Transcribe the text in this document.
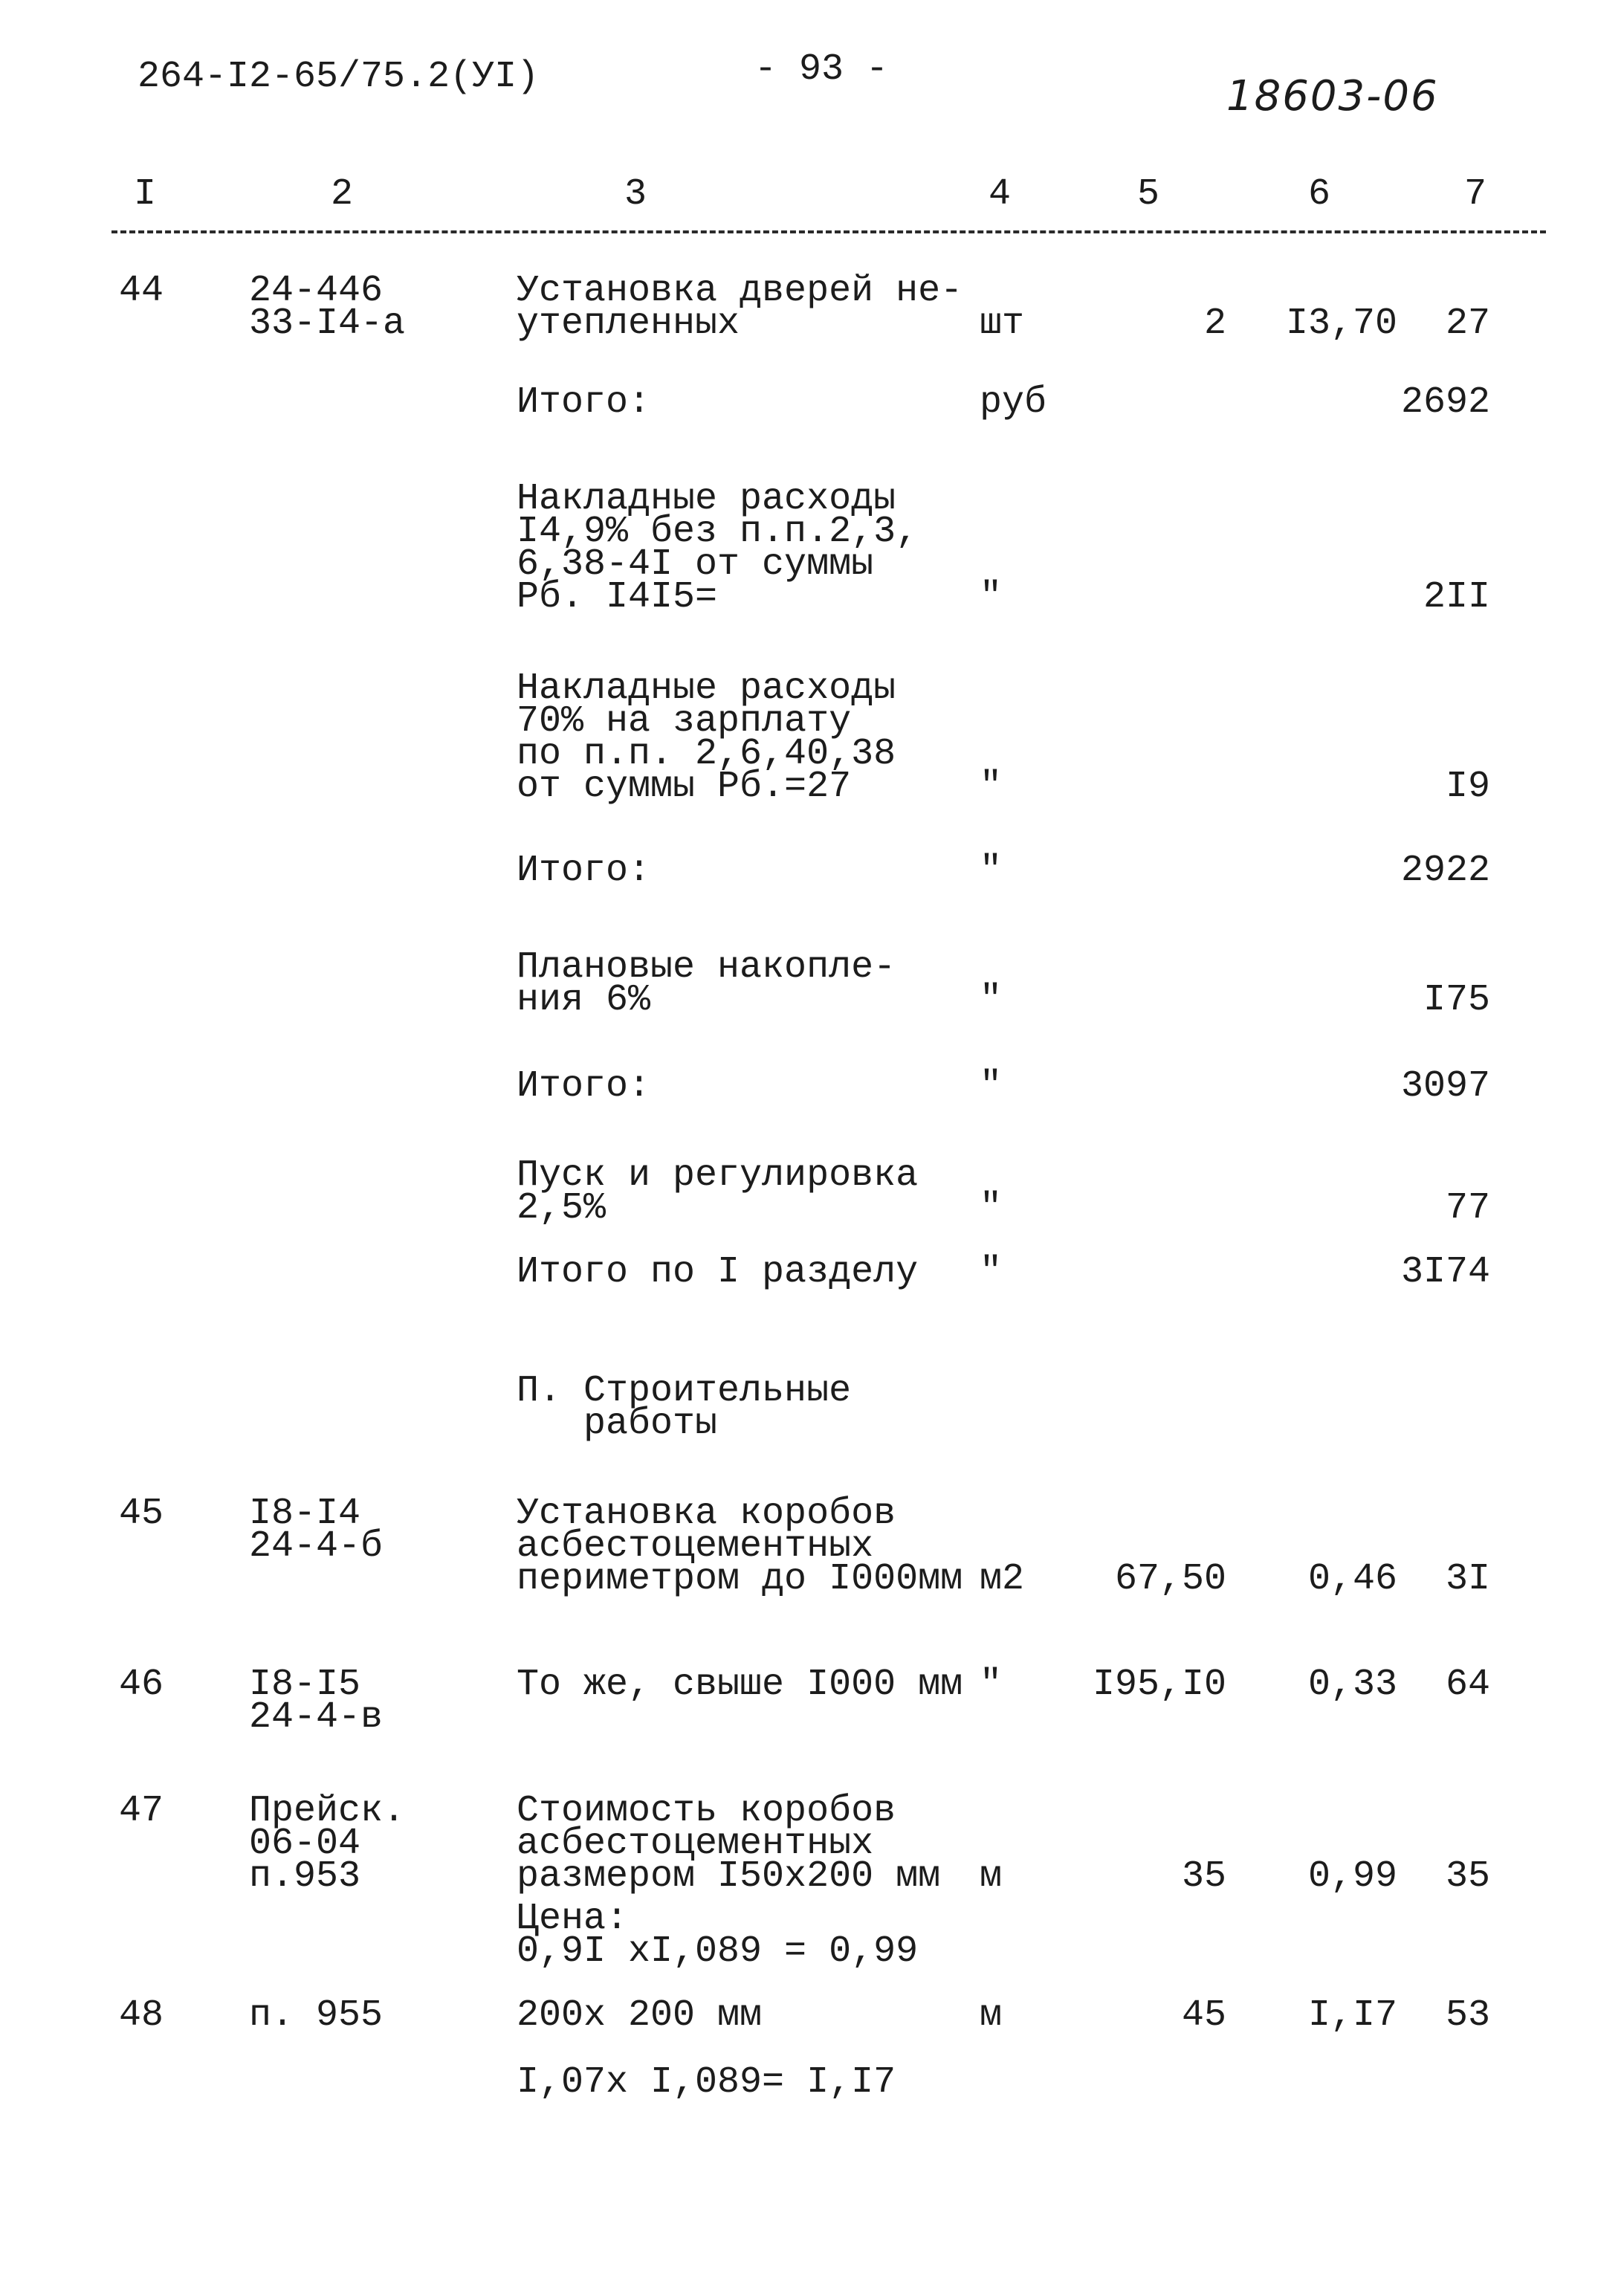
264-I2-65/75.2(УI)	- 93 -
18603-06

I

	2

	3

	4

	5

	6

	7

44	24-446
33-I4-а
Установка дверей не-
утепленных	шт	2	I3,70	27
Итого:	руб	2692
Накладные расходы
I4,9% без п.п.2,3,
6,38-4I от суммы
Рб. I4I5=	"	2II
Накладные расходы
70% на зарплату
по п.п. 2,6,40,38
от суммы Рб.=27	"	I9
Итого:	"	2922
Плановые накопле-
ния 6%	"	I75
Итого:	"	3097
Пуск и регулировка
2,5%	"	77
Итого по I разделу	"	3I74
П. Строительные
работы
45	I8-I4
24-4-б
Установка коробов
асбестоцементных
периметром до I000мм м2	67,50	0,46	3I
46	I8-I5
24-4-в
То же, свыше I000 мм "	I95,I0	0,33	64
47	Прейск.
06-04
п.953
Стоимость коробов
асбестоцементных
размером I50х200 мм	м	35	0,99	35
Цена:
0,9I хI,089 = 0,99
48	п. 955	200х 200 мм	м	45	I,I7	53
I,07х I,089= I,I7
